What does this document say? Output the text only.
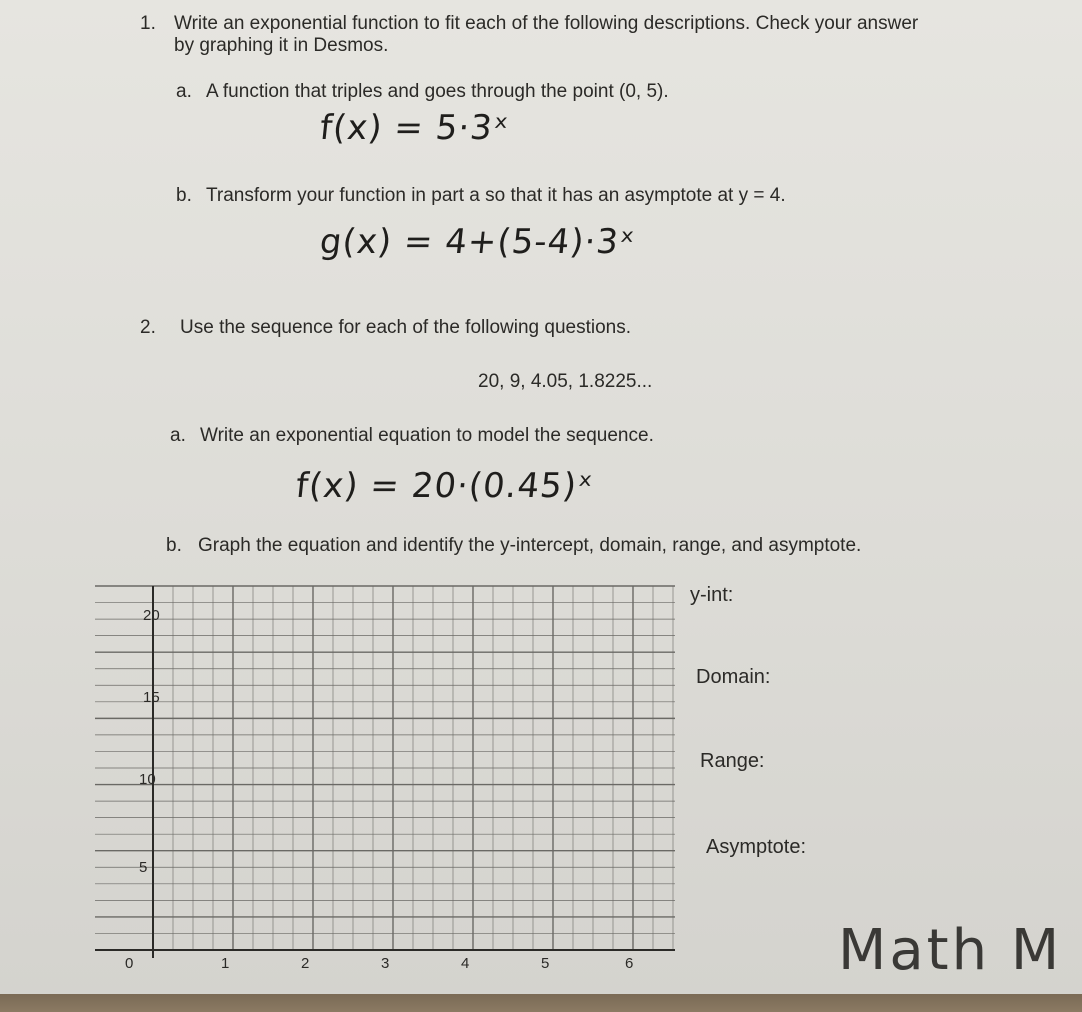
1. Write an exponential function to fit each of the following descriptions. Check your answer
by graphing it in Desmos.
a. A function that triples and goes through the point (0, 5).
f(x) = 5·3ˣ
b. Transform your function in part a so that it has an asymptote at y = 4.
g(x) = 4+(5-4)·3ˣ
2. Use the sequence for each of the following questions.
20, 9, 4.05, 1.8225...
a. Write an exponential equation to model the sequence.
f(x) = 20·(0.45)ˣ
b. Graph the equation and identify the y-intercept, domain, range, and asymptote.
20
15
10
5
0	1	2	3	4	5	6
y-int:
Domain:
Range:
Asymptote:
Math M
